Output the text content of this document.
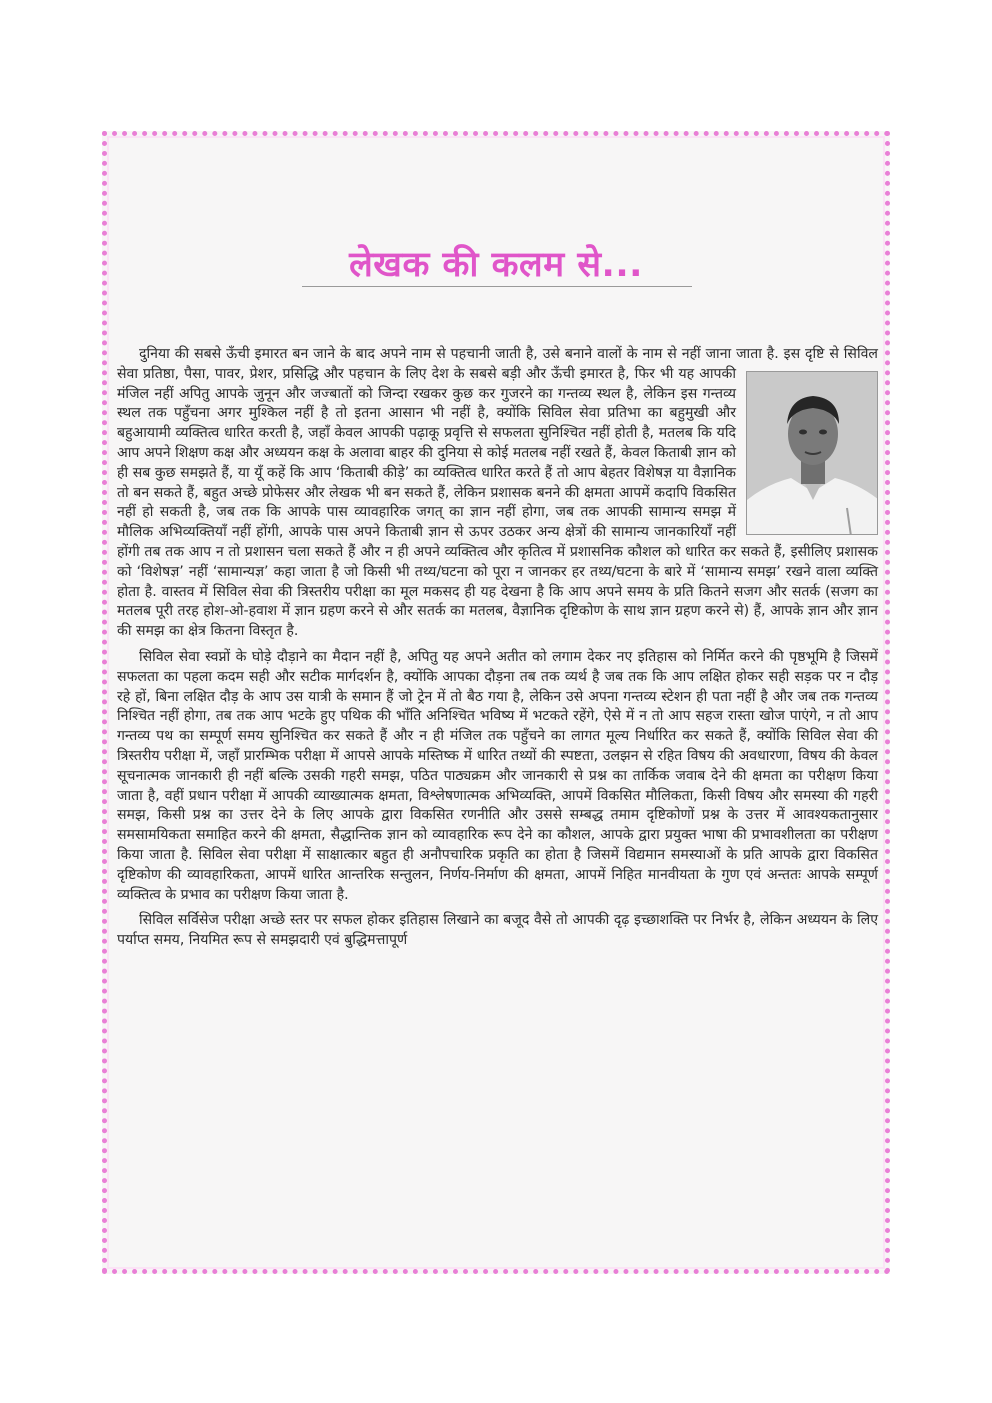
लेखक की कलम से...

दुनिया की सबसे ऊँची इमारत बन जाने के बाद अपने नाम से पहचानी जाती है, उसे बनाने वालों के नाम से नहीं जाना जाता है. इस दृष्टि से सिविल सेवा प्रतिष्ठा, पैसा, पावर, प्रेशर, प्रसिद्धि और पहचान के लिए देश के सबसे बड़ी और ऊँची इमारत है, फिर भी यह आपकी मंजिल नहीं अपितु आपके जुनून और जज्बातों को जिन्दा रखकर कुछ कर गुजरने का गन्तव्य स्थल है, लेकिन इस गन्तव्य स्थल तक पहुँचना अगर मुश्किल नहीं है तो इतना आसान भी नहीं है, क्योंकि सिविल सेवा प्रतिभा का बहुमुखी और बहुआयामी व्यक्तित्व धारित करती है, जहाँ केवल आपकी पढ़ाकू प्रवृत्ति से सफलता सुनिश्चित नहीं होती है, मतलब कि यदि आप अपने शिक्षण कक्ष और अध्ययन कक्ष के अलावा बाहर की दुनिया से कोई मतलब नहीं रखते हैं, केवल किताबी ज्ञान को ही सब कुछ समझते हैं, या यूँ कहें कि आप ‘किताबी कीड़े’ का व्यक्तित्व धारित करते हैं तो आप बेहतर विशेषज्ञ या वैज्ञानिक तो बन सकते हैं, बहुत अच्छे प्रोफेसर और लेखक भी बन सकते हैं, लेकिन प्रशासक बनने की क्षमता आपमें कदापि विकसित नहीं हो सकती है, जब तक कि आपके पास व्यावहारिक जगत् का ज्ञान नहीं होगा, जब तक आपकी सामान्य समझ में मौलिक अभिव्यक्तियाँ नहीं होंगी, आपके पास अपने किताबी ज्ञान से ऊपर उठकर अन्य क्षेत्रों की सामान्य जानकारियाँ नहीं होंगी तब तक आप न तो प्रशासन चला सकते हैं और न ही अपने व्यक्तित्व और कृतित्व में प्रशासनिक कौशल को धारित कर सकते हैं, इसीलिए प्रशासक को ‘विशेषज्ञ’ नहीं ‘सामान्यज्ञ’ कहा जाता है जो किसी भी तथ्य/घटना को पूरा न जानकर हर तथ्य/घटना के बारे में ‘सामान्य समझ’ रखने वाला व्यक्ति होता है. वास्तव में सिविल सेवा की त्रिस्तरीय परीक्षा का मूल मकसद ही यह देखना है कि आप अपने समय के प्रति कितने सजग और सतर्क (सजग का मतलब पूरी तरह होश-ओ-हवाश में ज्ञान ग्रहण करने से और सतर्क का मतलब, वैज्ञानिक दृष्टिकोण के साथ ज्ञान ग्रहण करने से) हैं, आपके ज्ञान और ज्ञान की समझ का क्षेत्र कितना विस्तृत है.

सिविल सेवा स्वप्नों के घोड़े दौड़ाने का मैदान नहीं है, अपितु यह अपने अतीत को लगाम देकर नए इतिहास को निर्मित करने की पृष्ठभूमि है जिसमें सफलता का पहला कदम सही और सटीक मार्गदर्शन है, क्योंकि आपका दौड़ना तब तक व्यर्थ है जब तक कि आप लक्षित होकर सही सड़क पर न दौड़ रहे हों, बिना लक्षित दौड़ के आप उस यात्री के समान हैं जो ट्रेन में तो बैठ गया है, लेकिन उसे अपना गन्तव्य स्टेशन ही पता नहीं है और जब तक गन्तव्य निश्चित नहीं होगा, तब तक आप भटके हुए पथिक की भाँति अनिश्चित भविष्य में भटकते रहेंगे, ऐसे में न तो आप सहज रास्ता खोज पाएंगे, न तो आप गन्तव्य पथ का सम्पूर्ण समय सुनिश्चित कर सकते हैं और न ही मंजिल तक पहुँचने का लागत मूल्य निर्धारित कर सकते हैं, क्योंकि सिविल सेवा की त्रिस्तरीय परीक्षा में, जहाँ प्रारम्भिक परीक्षा में आपसे आपके मस्तिष्क में धारित तथ्यों की स्पष्टता, उलझन से रहित विषय की अवधारणा, विषय की केवल सूचनात्मक जानकारी ही नहीं बल्कि उसकी गहरी समझ, पठित पाठ्यक्रम और जानकारी से प्रश्न का तार्किक जवाब देने की क्षमता का परीक्षण किया जाता है, वहीं प्रधान परीक्षा में आपकी व्याख्यात्मक क्षमता, विश्लेषणात्मक अभिव्यक्ति, आपमें विकसित मौलिकता, किसी विषय और समस्या की गहरी समझ, किसी प्रश्न का उत्तर देने के लिए आपके द्वारा विकसित रणनीति और उससे सम्बद्ध तमाम दृष्टिकोणों प्रश्न के उत्तर में आवश्यकतानुसार समसामयिकता समाहित करने की क्षमता, सैद्धान्तिक ज्ञान को व्यावहारिक रूप देने का कौशल, आपके द्वारा प्रयुक्त भाषा की प्रभावशीलता का परीक्षण किया जाता है. सिविल सेवा परीक्षा में साक्षात्कार बहुत ही अनौपचारिक प्रकृति का होता है जिसमें विद्यमान समस्याओं के प्रति आपके द्वारा विकसित दृष्टिकोण की व्यावहारिकता, आपमें धारित आन्तरिक सन्तुलन, निर्णय-निर्माण की क्षमता, आपमें निहित मानवीयता के गुण एवं अन्ततः आपके सम्पूर्ण व्यक्तित्व के प्रभाव का परीक्षण किया जाता है.

सिविल सर्विसेज परीक्षा अच्छे स्तर पर सफल होकर इतिहास लिखाने का बजूद वैसे तो आपकी दृढ़ इच्छाशक्ति पर निर्भर है, लेकिन अध्ययन के लिए पर्याप्त समय, नियमित रूप से समझदारी एवं बुद्धिमत्तापूर्ण
